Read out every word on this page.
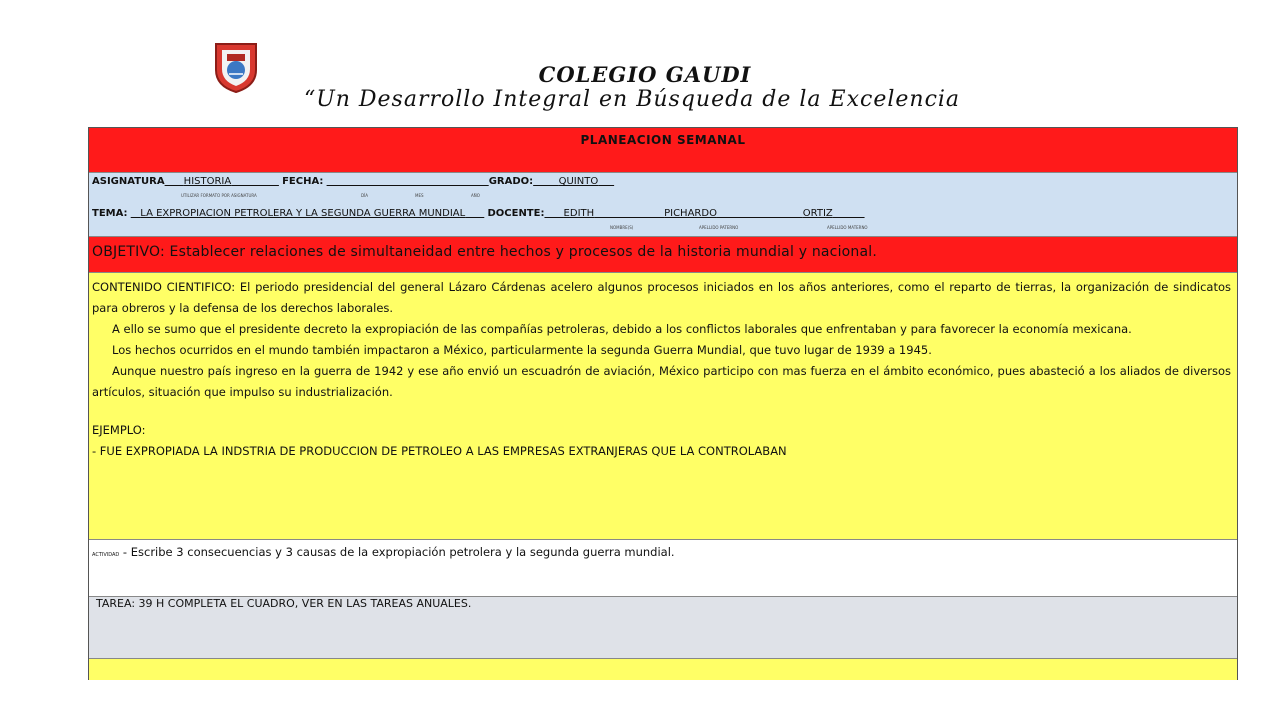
COLEGIO GAUDI
“Un Desarrollo Integral en Búsqueda de la Excelencia
PLANEACION SEMANAL
ASIGNATURA HISTORIA	FECHA:	GRADO:	QUINTO
UTILIZAR FORMATO POR ASIGNATURA	DÍA	MES	AÑO
TEMA: LA EXPROPIACION PETROLERA Y LA SEGUNDA GUERRA MUNDIAL DOCENTE: EDITH	PICHARDO	ORTIZ
NOMBRE(S)	APELLIDO PATERNO	APELLIDO MATERNO
OBJETIVO: Establecer relaciones de simultaneidad entre hechos y procesos de la historia mundial y nacional.

CONTENIDO CIENTIFICO: El periodo presidencial del general Lázaro Cárdenas acelero algunos procesos iniciados en los años anteriores, como el reparto de tierras, la organización de sindicatos para obreros y la defensa de los derechos laborales.

A ello se sumo que el presidente decreto la expropiación de las compañías petroleras, debido a los conflictos laborales que enfrentaban y para favorecer la economía mexicana.

Los hechos ocurridos en el mundo también impactaron a México, particularmente la segunda Guerra Mundial, que tuvo lugar de 1939 a 1945.

Aunque nuestro país ingreso en la guerra de 1942 y ese año envió un escuadrón de aviación, México participo con mas fuerza en el ámbito económico, pues abasteció a los aliados de diversos artículos, situación que impulso su industrialización.

EJEMPLO:

- FUE EXPROPIADA LA INDSTRIA DE PRODUCCION DE PETROLEO A LAS EMPRESAS EXTRANJERAS QUE LA CONTROLABAN

ACTIVIDAD - Escribe 3 consecuencias y 3 causas de la expropiación petrolera y la segunda guerra mundial.
TAREA: 39 H COMPLETA EL CUADRO, VER EN LAS TAREAS ANUALES.
